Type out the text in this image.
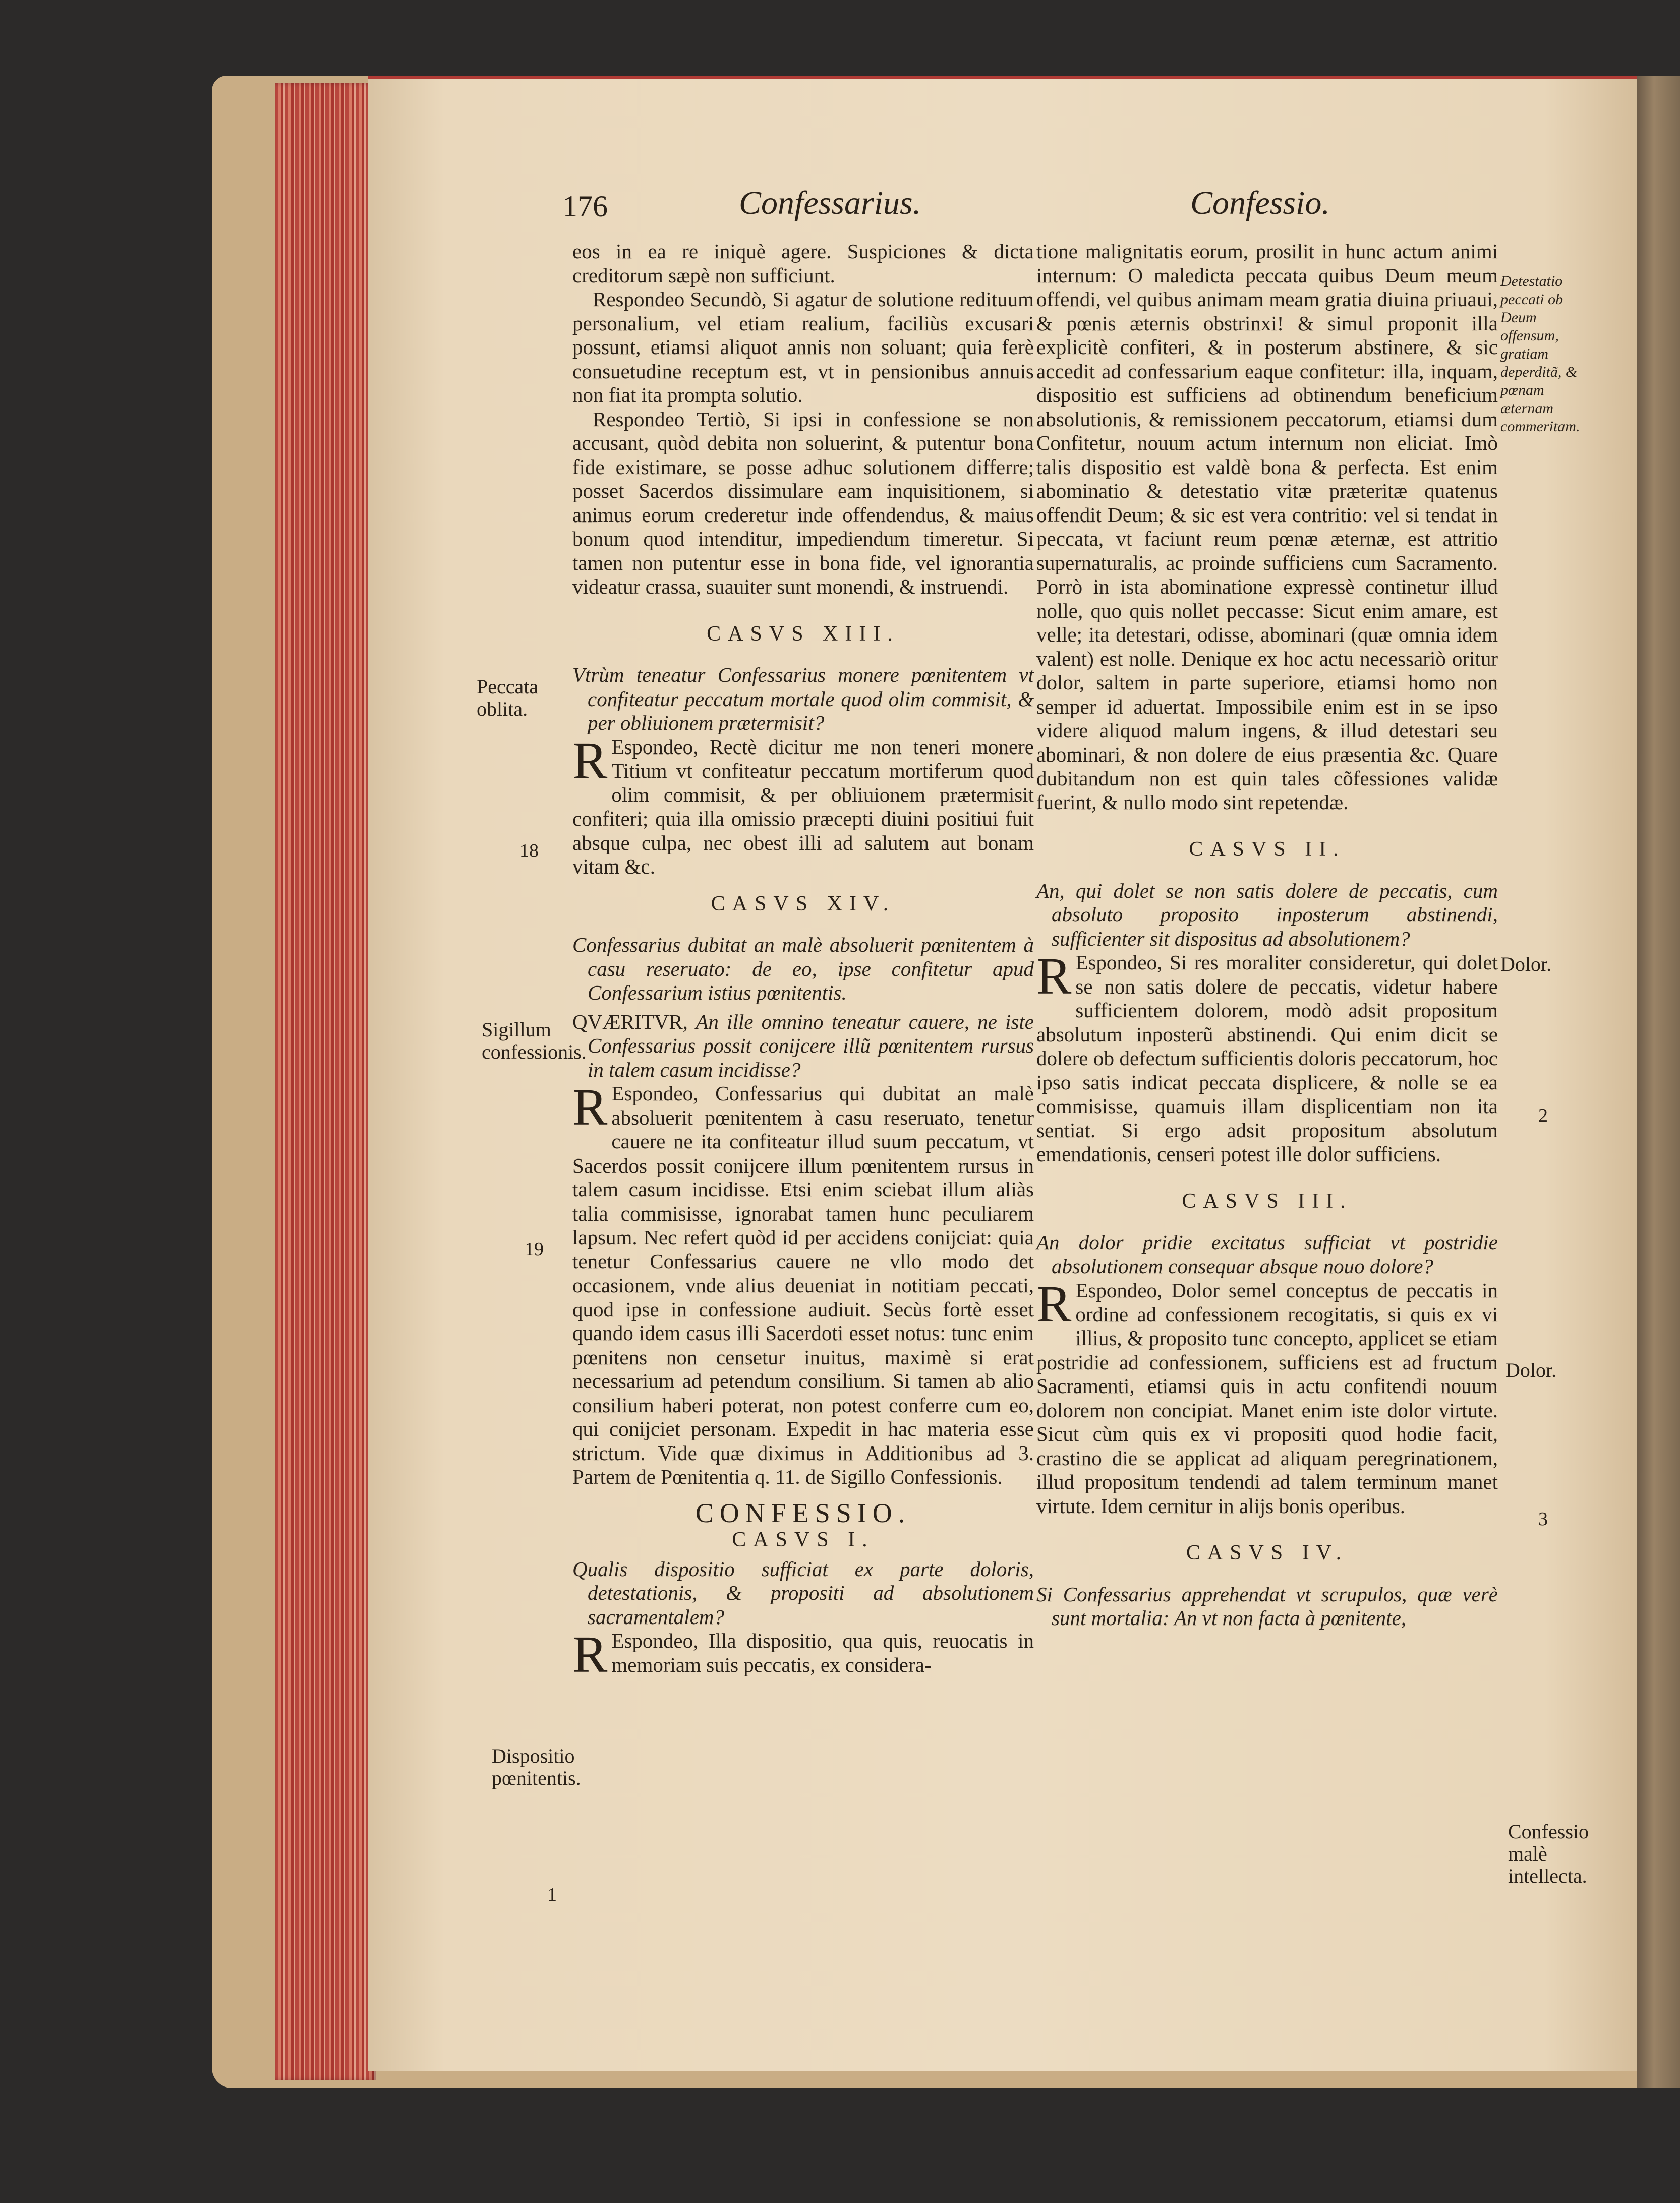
176	Confessarius.	Confessio.
Peccata oblita.
18
Sigillum confessionis.
19
Dispositio pœnitentis.
1

eos in ea re iniquè agere. Suspiciones & dicta creditorum sæpè non sufficiunt.

Respondeo Secundò, Si agatur de solutione redituum personalium, vel etiam realium, faciliùs excusari possunt, etiamsi aliquot annis non soluant; quia ferè consuetudine receptum est, vt in pensionibus annuis non fiat ita prompta solutio.

Respondeo Tertiò, Si ipsi in confessione se non accusant, quòd debita non soluerint, & putentur bona fide existimare, se posse adhuc solutionem differre; posset Sacerdos dissimulare eam inquisitionem, si animus eorum crederetur inde offendendus, & maius bonum quod intenditur, impediendum timeretur. Si tamen non putentur esse in bona fide, vel ignorantia videatur crassa, suauiter sunt monendi, & instruendi.

CASVS XIII.

Vtrùm teneatur Confessarius monere pœnitentem vt confiteatur peccatum mortale quod olim commisit, & per obliuionem prætermisit?

R Espondeo, Rectè dicitur me non teneri monere Titium vt confiteatur peccatum mortiferum quod olim commisit, & per obliuionem prætermisit confiteri; quia illa omissio præcepti diuini positiui fuit absque culpa, nec obest illi ad salutem aut bonam vitam &c.

CASVS XIV.

Confessarius dubitat an malè absoluerit pœnitentem à casu reseruato: de eo, ipse confitetur apud Confessarium istius pœnitentis.

QVÆRITVR, An ille omnino teneatur cauere, ne iste Confessarius possit conijcere illũ pœnitentem rursus in talem casum incidisse?

R Espondeo, Confessarius qui dubitat an malè absoluerit pœnitentem à casu reseruato, tenetur cauere ne ita confiteatur illud suum peccatum, vt Sacerdos possit conijcere illum pœnitentem rursus in talem casum incidisse. Etsi enim sciebat illum aliàs talia commisisse, ignorabat tamen hunc peculiarem lapsum. Nec refert quòd id per accidens conijciat: quia tenetur Confessarius cauere ne vllo modo det occasionem, vnde alius deueniat in notitiam peccati, quod ipse in confessione audiuit. Secùs fortè esset quando idem casus illi Sacerdoti esset notus: tunc enim pœnitens non censetur inuitus, maximè si erat necessarium ad petendum consilium. Si tamen ab alio consilium haberi poterat, non potest conferre cum eo, qui conijciet personam. Expedit in hac materia esse strictum. Vide quæ diximus in Additionibus ad 3. Partem de Pœnitentia q. 11. de Sigillo Confessionis.

CONFESSIO.
CASVS I.

Qualis dispositio sufficiat ex parte doloris, detestationis, & propositi ad absolutionem sacramentalem?

R Espondeo, Illa dispositio, qua quis, reuocatis in memoriam suis peccatis, ex considera-

tione malignitatis eorum, prosilit in hunc actum animi internum: O maledicta peccata quibus Deum meum offendi, vel quibus animam meam gratia diuina priuaui, & pœnis æternis obstrinxi! & simul proponit illa explicitè confiteri, & in posterum abstinere, & sic accedit ad confessarium eaque confitetur: illa, inquam, dispositio est sufficiens ad obtinendum beneficium absolutionis, & remissionem peccatorum, etiamsi dum Confitetur, nouum actum internum non eliciat. Imò talis dispositio est valdè bona & perfecta. Est enim abominatio & detestatio vitæ præteritæ quatenus offendit Deum; & sic est vera contritio: vel si tendat in peccata, vt faciunt reum pœnæ æternæ, est attritio supernaturalis, ac proinde sufficiens cum Sacramento. Porrò in ista abominatione expressè continetur illud nolle, quo quis nollet peccasse: Sicut enim amare, est velle; ita detestari, odisse, abominari (quæ omnia idem valent) est nolle. Denique ex hoc actu necessariò oritur dolor, saltem in parte superiore, etiamsi homo non semper id aduertat. Impossibile enim est in se ipso videre aliquod malum ingens, & illud detestari seu abominari, & non dolere de eius præsentia &c. Quare dubitandum non est quin tales cõfessiones validæ fuerint, & nullo modo sint repetendæ.

CASVS II.

An, qui dolet se non satis dolere de peccatis, cum absoluto proposito inposterum abstinendi, sufficienter sit dispositus ad absolutionem?

R Espondeo, Si res moraliter consideretur, qui dolet se non satis dolere de peccatis, videtur habere sufficientem dolorem, modò adsit propositum absolutum inposterũ abstinendi. Qui enim dicit se dolere ob defectum sufficientis doloris peccatorum, hoc ipso satis indicat peccata displicere, & nolle se ea commisisse, quamuis illam displicentiam non ita sentiat. Si ergo adsit propositum absolutum emendationis, censeri potest ille dolor sufficiens.

CASVS III.

An dolor pridie excitatus sufficiat vt postridie absolutionem consequar absque nouo dolore?

R Espondeo, Dolor semel conceptus de peccatis in ordine ad confessionem recogitatis, si quis ex vi illius, & proposito tunc concepto, applicet se etiam postridie ad confessionem, sufficiens est ad fructum Sacramenti, etiamsi quis in actu confitendi nouum dolorem non concipiat. Manet enim iste dolor virtute. Sicut cùm quis ex vi propositi quod hodie facit, crastino die se applicat ad aliquam peregrinationem, illud propositum tendendi ad talem terminum manet virtute. Idem cernitur in alijs bonis operibus.

CASVS IV.

Si Confessarius apprehendat vt scrupulos, quæ verè sunt mortalia: An vt non facta à pœnitente,

Detestatio peccati ob Deum offensum, gratiam deperditã, & pœnam æternam commeritam.
Dolor.
2
Dolor.
3
Confessio malè intellecta.
